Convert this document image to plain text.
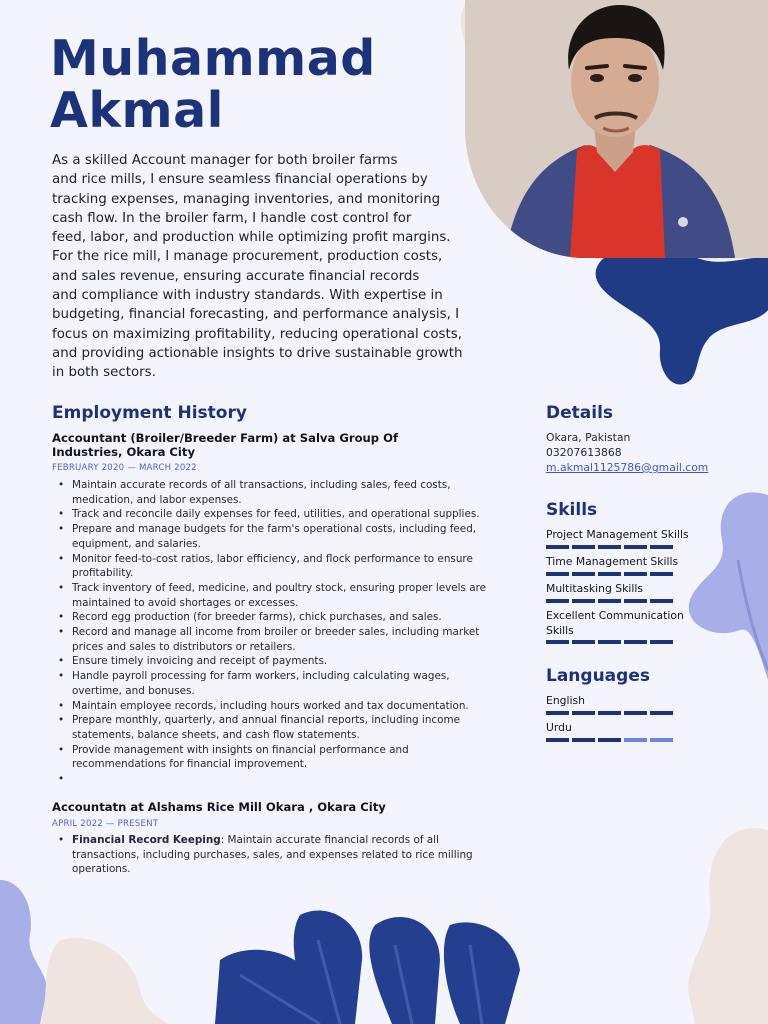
Muhammad
Akmal
As a skilled Account manager for both broiler farms
and rice mills, I ensure seamless financial operations by
tracking expenses, managing inventories, and monitoring
cash flow. In the broiler farm, I handle cost control for
feed, labor, and production while optimizing profit margins.
For the rice mill, I manage procurement, production costs,
and sales revenue, ensuring accurate financial records
and compliance with industry standards. With expertise in
budgeting, financial forecasting, and performance analysis, I
focus on maximizing profitability, reducing operational costs,
and providing actionable insights to drive sustainable growth
in both sectors.
Employment History
Accountant (Broiler/Breeder Farm) at Salva Group Of
Industries, Okara City
FEBRUARY 2020 — MARCH 2022
• Maintain accurate records of all transactions, including sales, feed costs,
medication, and labor expenses.
• Track and reconcile daily expenses for feed, utilities, and operational supplies.
• Prepare and manage budgets for the farm's operational costs, including feed,
equipment, and salaries.
• Monitor feed-to-cost ratios, labor efficiency, and flock performance to ensure
profitability.
• Track inventory of feed, medicine, and poultry stock, ensuring proper levels are
maintained to avoid shortages or excesses.
• Record egg production (for breeder farms), chick purchases, and sales.
• Record and manage all income from broiler or breeder sales, including market
prices and sales to distributors or retailers.
• Ensure timely invoicing and receipt of payments.
• Handle payroll processing for farm workers, including calculating wages,
overtime, and bonuses.
• Maintain employee records, including hours worked and tax documentation.
• Prepare monthly, quarterly, and annual financial reports, including income
statements, balance sheets, and cash flow statements.
• Provide management with insights on financial performance and
recommendations for financial improvement.
•
Accountatn at Alshams Rice Mill Okara , Okara City
APRIL 2022 — PRESENT
• Financial Record Keeping: Maintain accurate financial records of all
transactions, including purchases, sales, and expenses related to rice milling
operations.
Details
Okara, Pakistan
03207613868
m.akmal1125786@gmail.com
Skills
Project Management Skills
Time Management Skills
Multitasking Skills
Excellent Communication
Skills
Languages
English
Urdu
